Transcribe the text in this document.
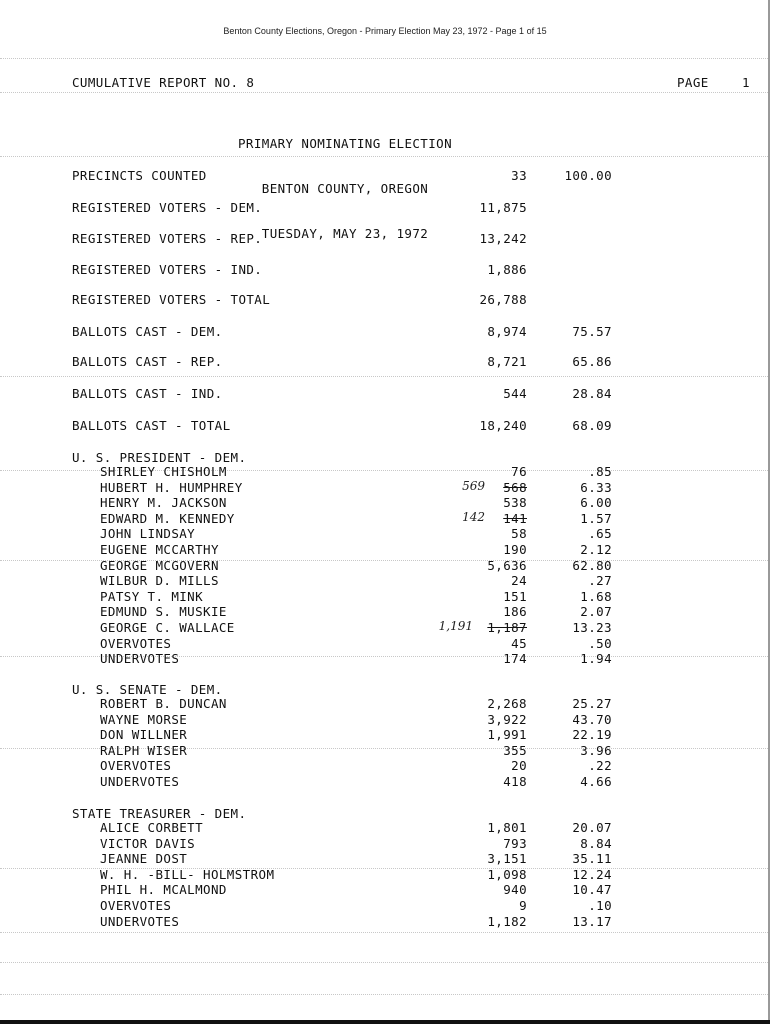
Benton County Elections, Oregon - Primary Election May 23, 1972 - Page 1 of 15
CUMULATIVE REPORT NO. 8	PAGE	1

PRIMARY NOMINATING ELECTION

BENTON COUNTY, OREGON

TUESDAY, MAY 23, 1972

PRECINCTS COUNTED	33	100.00
REGISTERED VOTERS - DEM.	11,875
REGISTERED VOTERS - REP.	13,242
REGISTERED VOTERS - IND.	1,886
REGISTERED VOTERS - TOTAL	26,788
BALLOTS CAST - DEM.	8,974	75.57
BALLOTS CAST - REP.	8,721	65.86
BALLOTS CAST - IND.	544	28.84
BALLOTS CAST - TOTAL	18,240	68.09
U. S. PRESIDENT - DEM.
SHIRLEY CHISHOLM	76	.85
HUBERT H. HUMPHREY	568	6.33
569
HENRY M. JACKSON	538	6.00
EDWARD M. KENNEDY	141	1.57
142
JOHN LINDSAY	58	.65
EUGENE MCCARTHY	190	2.12
GEORGE MCGOVERN	5,636	62.80
WILBUR D. MILLS	24	.27
PATSY T. MINK	151	1.68
EDMUND S. MUSKIE	186	2.07
GEORGE C. WALLACE	1,187	13.23
1,191
OVERVOTES	45	.50
UNDERVOTES	174	1.94
U. S. SENATE - DEM.
ROBERT B. DUNCAN	2,268	25.27
WAYNE MORSE	3,922	43.70
DON WILLNER	1,991	22.19
RALPH WISER	355	3.96
OVERVOTES	20	.22
UNDERVOTES	418	4.66
STATE TREASURER - DEM.
ALICE CORBETT	1,801	20.07
VICTOR DAVIS	793	8.84
JEANNE DOST	3,151	35.11
W. H. -BILL- HOLMSTROM	1,098	12.24
PHIL H. MCALMOND	940	10.47
OVERVOTES	9	.10
UNDERVOTES	1,182	13.17
